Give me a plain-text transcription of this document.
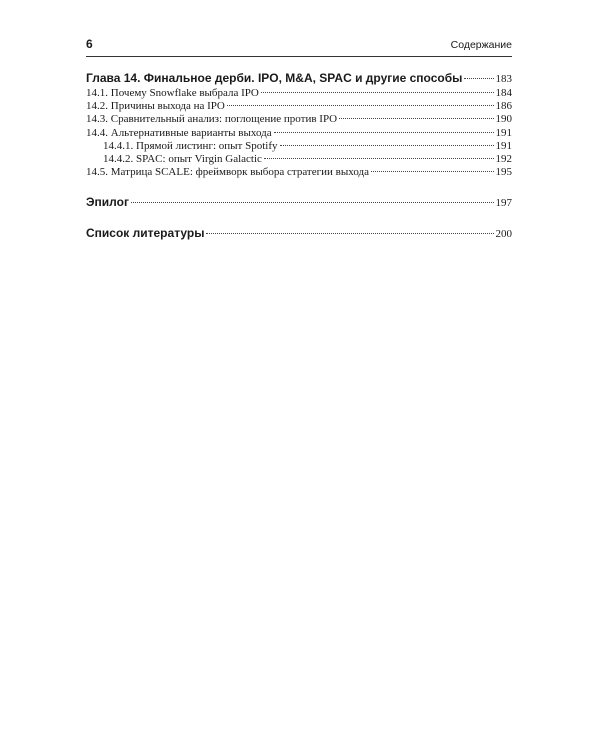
6	Содержание
Глава 14. Финальное дерби. IPO, M&A, SPAC и другие способы	183
14.1. Почему Snowflake выбрала IPO	184
14.2. Причины выхода на IPO	186
14.3. Сравнительный анализ: поглощение против IPO	190
14.4. Альтернативные варианты выхода	191
14.4.1. Прямой листинг: опыт Spotify	191
14.4.2. SPAC: опыт Virgin Galactic	192
14.5. Матрица SCALE: фреймворк выбора стратегии выхода	195
Эпилог	197
Список литературы	200
